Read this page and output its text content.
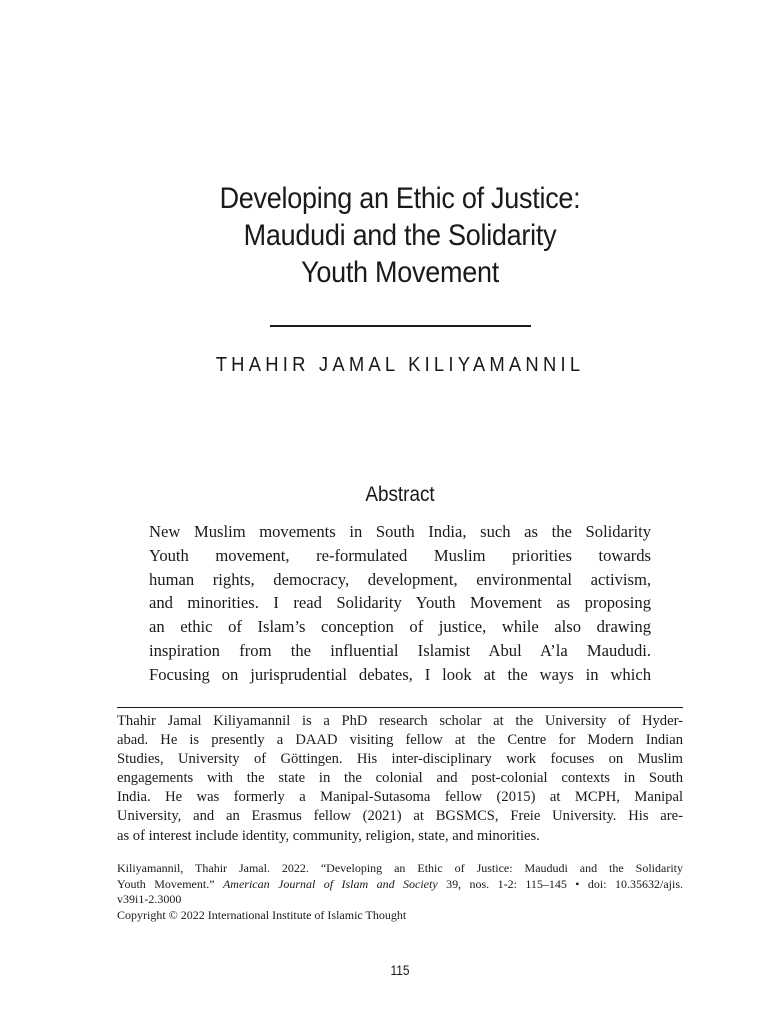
Developing an Ethic of Justice:
Maududi and the Solidarity
Youth Movement
THAHIR JAMAL KILIYAMANNIL
Abstract
New Muslim movements in South India, such as the Solidarity
Youth movement, re-formulated Muslim priorities towards
human rights, democracy, development, environmental activism,
and minorities. I read Solidarity Youth Movement as proposing
an ethic of Islam’s conception of justice, while also drawing
inspiration from the influential Islamist Abul A’la Maududi.
Focusing on jurisprudential debates, I look at the ways in which
Thahir Jamal Kiliyamannil is a PhD research scholar at the University of Hyder-
abad. He is presently a DAAD visiting fellow at the Centre for Modern Indian
Studies, University of Göttingen. His inter-disciplinary work focuses on Muslim
engagements with the state in the colonial and post-colonial contexts in South
India. He was formerly a Manipal-Sutasoma fellow (2015) at MCPH, Manipal
University, and an Erasmus fellow (2021) at BGSMCS, Freie University. His are-
as of interest include identity, community, religion, state, and minorities.
Kiliyamannil, Thahir Jamal. 2022. “Developing an Ethic of Justice: Maududi and the Solidarity
Youth Movement.” American Journal of Islam and Society 39, nos. 1-2: 115–145 • doi: 10.35632/ajis.
v39i1-2.3000
Copyright © 2022 International Institute of Islamic Thought
115
